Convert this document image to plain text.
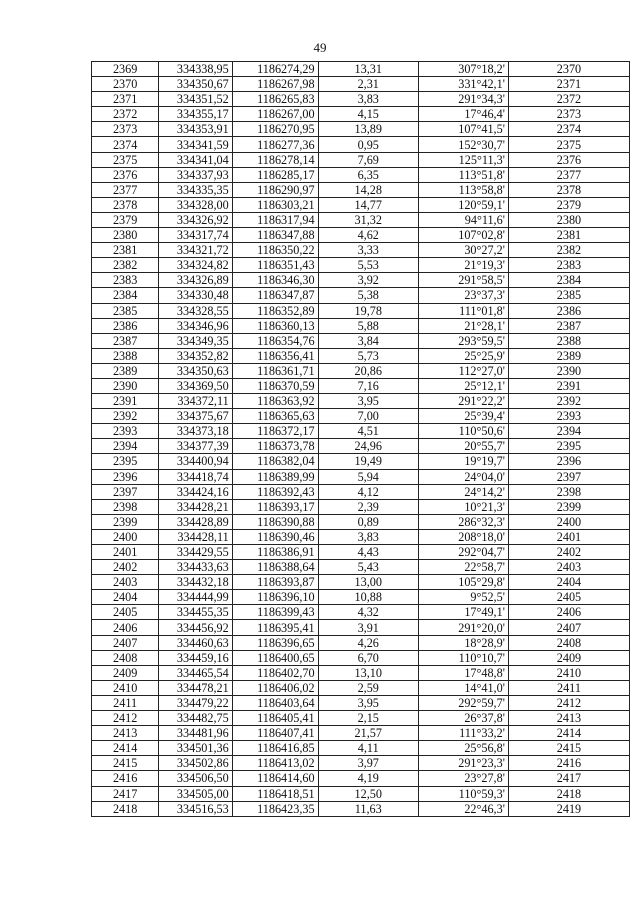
49
2369	334338,95	1186274,29	13,31	307°18,2'	2370
2370	334350,67	1186267,98	2,31	331°42,1'	2371
2371	334351,52	1186265,83	3,83	291°34,3'	2372
2372	334355,17	1186267,00	4,15	17°46,4'	2373
2373	334353,91	1186270,95	13,89	107°41,5'	2374
2374	334341,59	1186277,36	0,95	152°30,7'	2375
2375	334341,04	1186278,14	7,69	125°11,3'	2376
2376	334337,93	1186285,17	6,35	113°51,8'	2377
2377	334335,35	1186290,97	14,28	113°58,8'	2378
2378	334328,00	1186303,21	14,77	120°59,1'	2379
2379	334326,92	1186317,94	31,32	94°11,6'	2380
2380	334317,74	1186347,88	4,62	107°02,8'	2381
2381	334321,72	1186350,22	3,33	30°27,2'	2382
2382	334324,82	1186351,43	5,53	21°19,3'	2383
2383	334326,89	1186346,30	3,92	291°58,5'	2384
2384	334330,48	1186347,87	5,38	23°37,3'	2385
2385	334328,55	1186352,89	19,78	111°01,8'	2386
2386	334346,96	1186360,13	5,88	21°28,1'	2387
2387	334349,35	1186354,76	3,84	293°59,5'	2388
2388	334352,82	1186356,41	5,73	25°25,9'	2389
2389	334350,63	1186361,71	20,86	112°27,0'	2390
2390	334369,50	1186370,59	7,16	25°12,1'	2391
2391	334372,11	1186363,92	3,95	291°22,2'	2392
2392	334375,67	1186365,63	7,00	25°39,4'	2393
2393	334373,18	1186372,17	4,51	110°50,6'	2394
2394	334377,39	1186373,78	24,96	20°55,7'	2395
2395	334400,94	1186382,04	19,49	19°19,7'	2396
2396	334418,74	1186389,99	5,94	24°04,0'	2397
2397	334424,16	1186392,43	4,12	24°14,2'	2398
2398	334428,21	1186393,17	2,39	10°21,3'	2399
2399	334428,89	1186390,88	0,89	286°32,3'	2400
2400	334428,11	1186390,46	3,83	208°18,0'	2401
2401	334429,55	1186386,91	4,43	292°04,7'	2402
2402	334433,63	1186388,64	5,43	22°58,7'	2403
2403	334432,18	1186393,87	13,00	105°29,8'	2404
2404	334444,99	1186396,10	10,88	9°52,5'	2405
2405	334455,35	1186399,43	4,32	17°49,1'	2406
2406	334456,92	1186395,41	3,91	291°20,0'	2407
2407	334460,63	1186396,65	4,26	18°28,9'	2408
2408	334459,16	1186400,65	6,70	110°10,7'	2409
2409	334465,54	1186402,70	13,10	17°48,8'	2410
2410	334478,21	1186406,02	2,59	14°41,0'	2411
2411	334479,22	1186403,64	3,95	292°59,7'	2412
2412	334482,75	1186405,41	2,15	26°37,8'	2413
2413	334481,96	1186407,41	21,57	111°33,2'	2414
2414	334501,36	1186416,85	4,11	25°56,8'	2415
2415	334502,86	1186413,02	3,97	291°23,3'	2416
2416	334506,50	1186414,60	4,19	23°27,8'	2417
2417	334505,00	1186418,51	12,50	110°59,3'	2418
2418	334516,53	1186423,35	11,63	22°46,3'	2419
